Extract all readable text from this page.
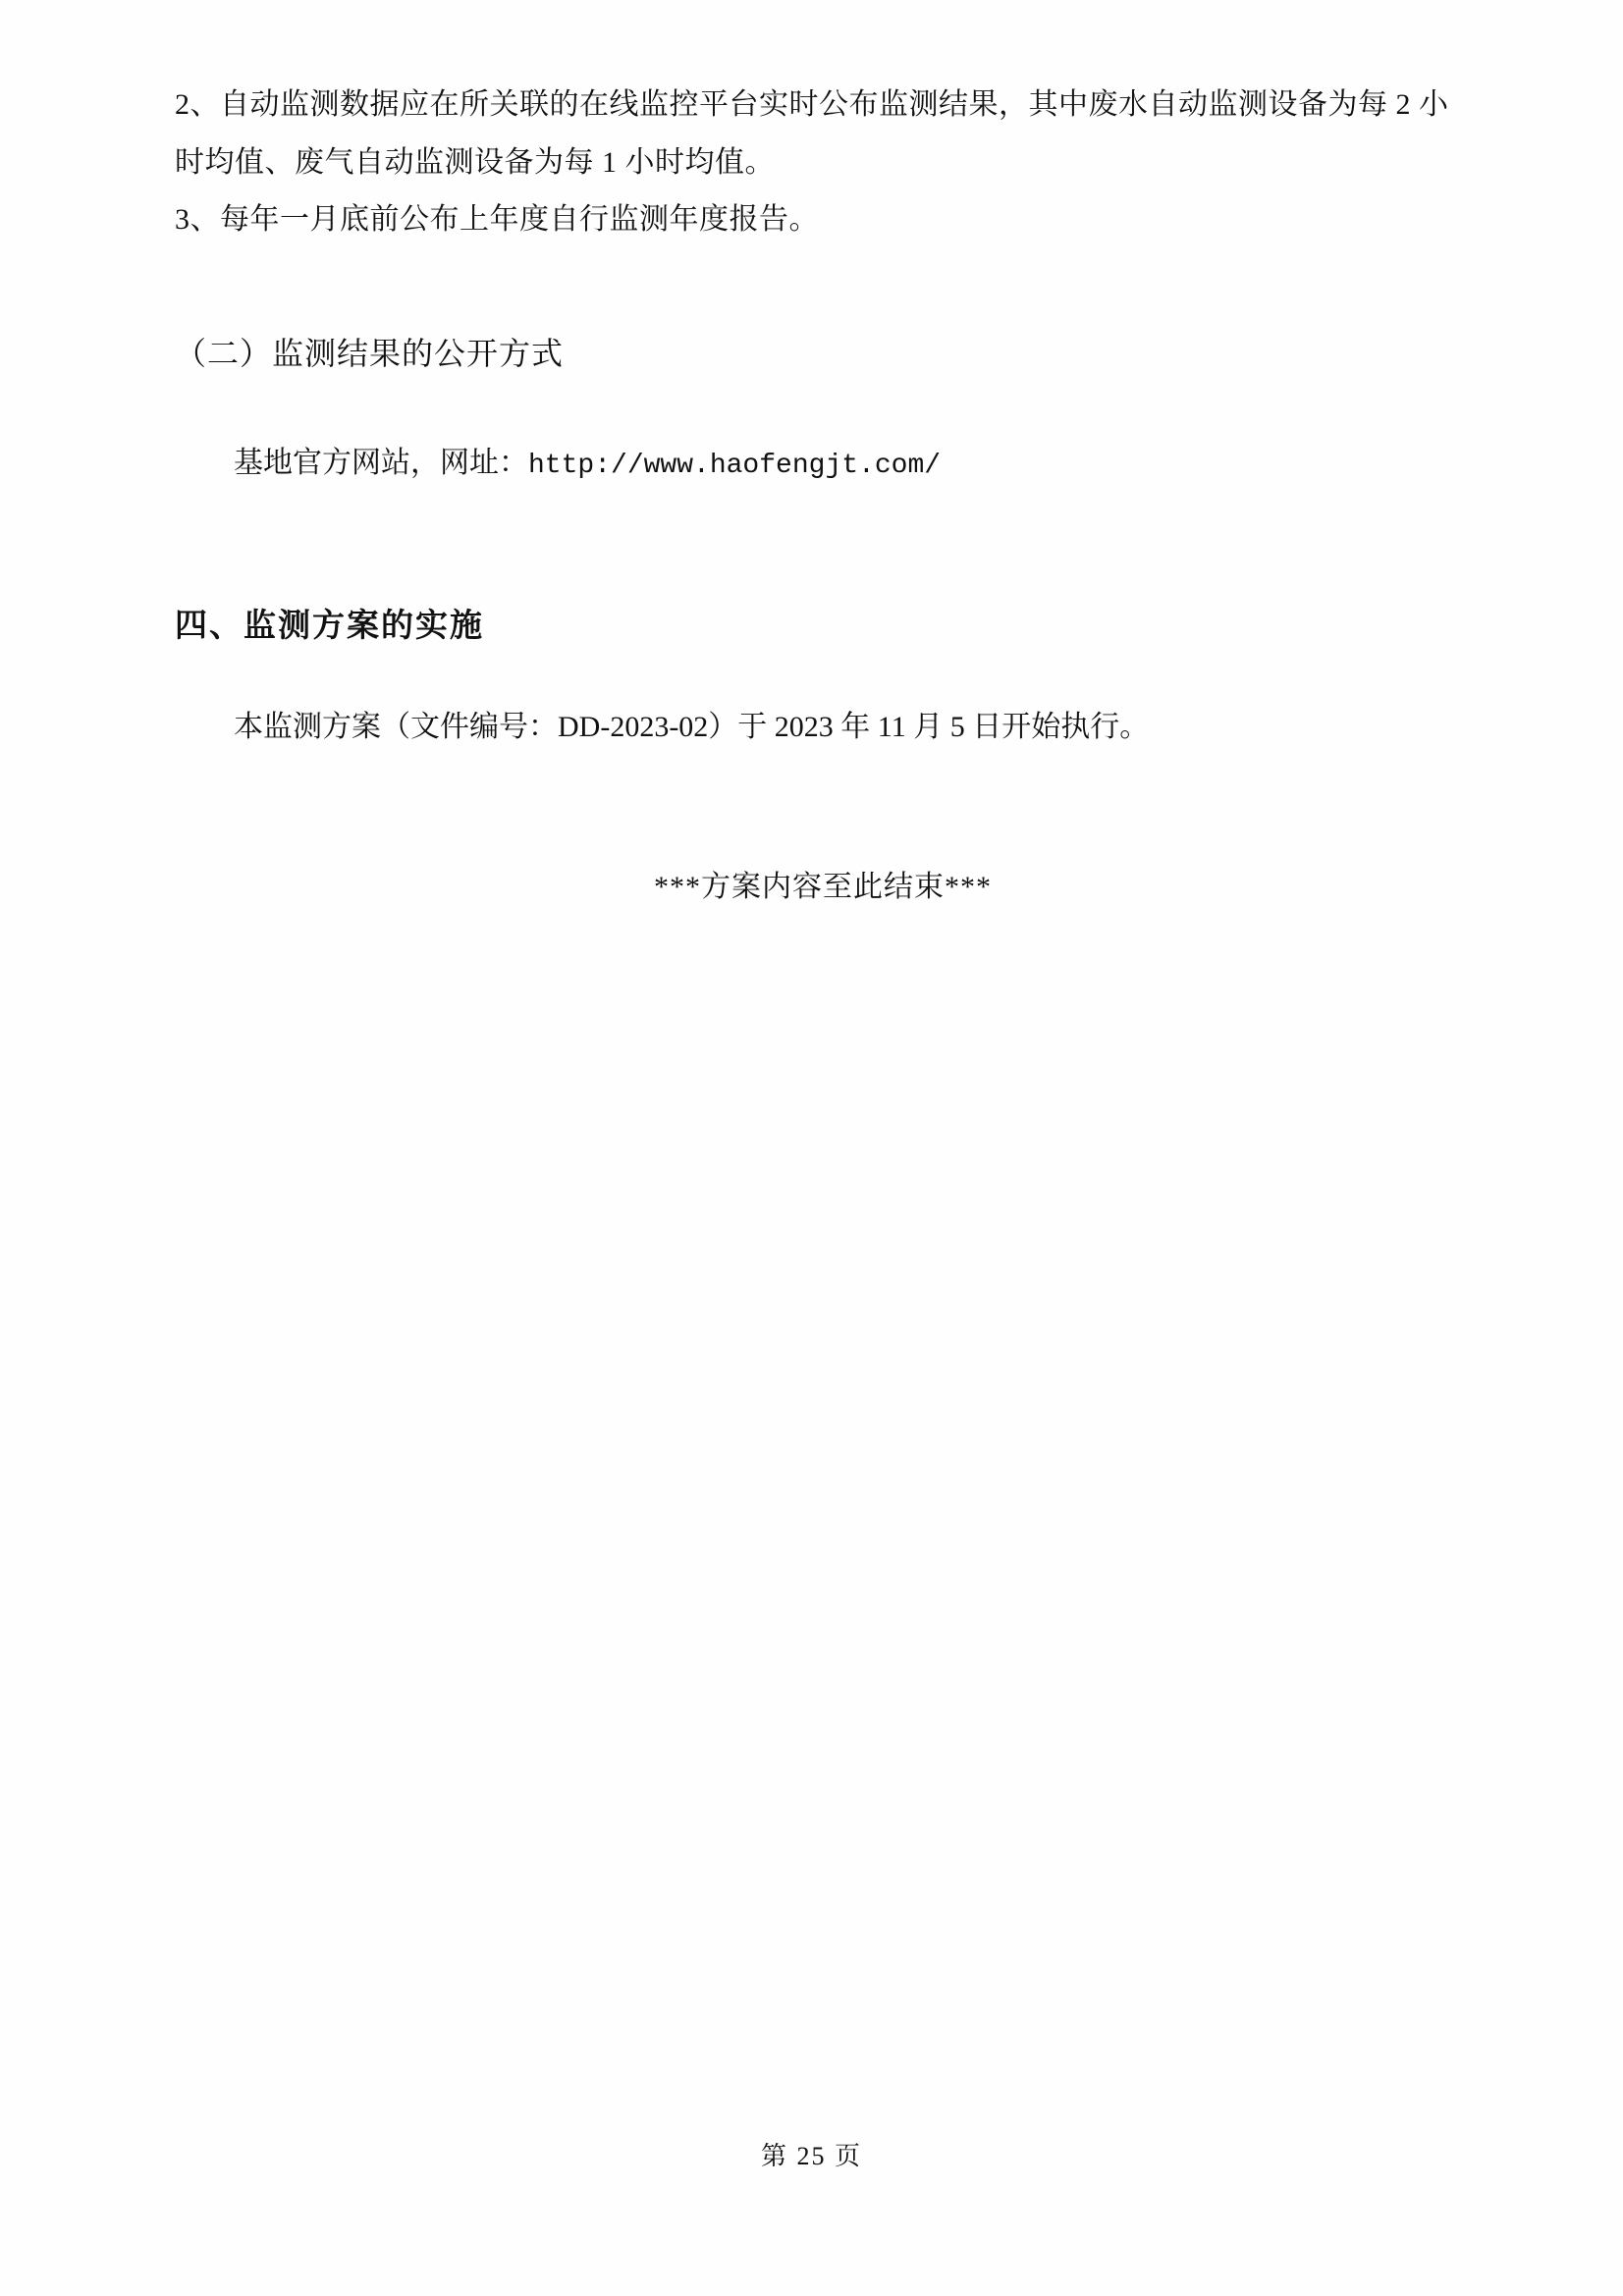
2、自动监测数据应在所关联的在线监控平台实时公布监测结果，其中废水自动监测设备为每 2 小时均值、废气自动监测设备为每 1 小时均值。

3、每年一月底前公布上年度自行监测年度报告。

（二）监测结果的公开方式

基地官方网站，网址：http://www.haofengjt.com/

四、监测方案的实施

本监测方案（文件编号：DD-2023-02）于 2023 年 11 月 5 日开始执行。

***方案内容至此结束***

第 25 页
